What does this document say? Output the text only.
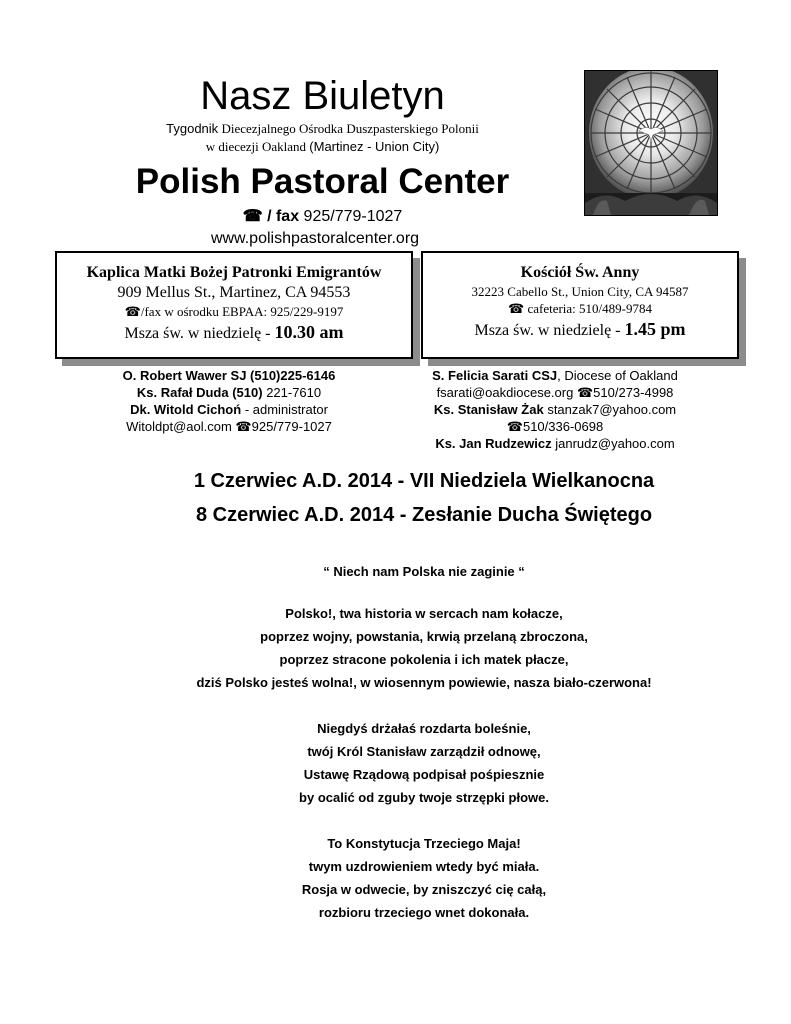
Nasz Biuletyn
Tygodnik Diecezjalnego Ośrodka Duszpasterskiego Polonii
w diecezji Oakland (Martinez - Union City)
Polish Pastoral Center
☎ / fax 925/779-1027
www.polishpastoralcenter.org
Kaplica Matki Bożej Patronki Emigrantów
909 Mellus St., Martinez, CA 94553
☎/fax w ośrodku EBPAA: 925/229-9197
Msza św. w niedzielę - 10.30 am
Kościół Św. Anny
32223 Cabello St., Union City, CA 94587
☎ cafeteria: 510/489-9784
Msza św. w niedzielę - 1.45 pm
O. Robert Wawer SJ (510)225-6146
Ks. Rafał Duda (510) 221-7610
Dk. Witold Cichoń - administrator
Witoldpt@aol.com ☎925/779-1027
S. Felicia Sarati CSJ, Diocese of Oakland
fsarati@oakdiocese.org ☎510/273-4998
Ks. Stanisław Żak stanzak7@yahoo.com
☎510/336-0698
Ks. Jan Rudzewicz janrudz@yahoo.com
1 Czerwiec A.D. 2014 - VII Niedziela Wielkanocna
8 Czerwiec A.D. 2014 - Zesłanie Ducha Świętego
“ Niech nam Polska nie zaginie “
Polsko!, twa historia w sercach nam kołacze,
poprzez wojny, powstania, krwią przelaną zbroczona,
poprzez stracone pokolenia i ich matek płacze,
dziś Polsko jesteś wolna!, w wiosennym powiewie, nasza biało-czerwona!
Niegdyś drżałaś rozdarta boleśnie,
twój Król Stanisław zarządził odnowę,
Ustawę Rządową podpisał pośpiesznie
by ocalić od zguby twoje strzępki płowe.
To Konstytucja Trzeciego Maja!
twym uzdrowieniem wtedy być miała.
Rosja w odwecie, by zniszczyć cię całą,
rozbioru trzeciego wnet dokonała.
